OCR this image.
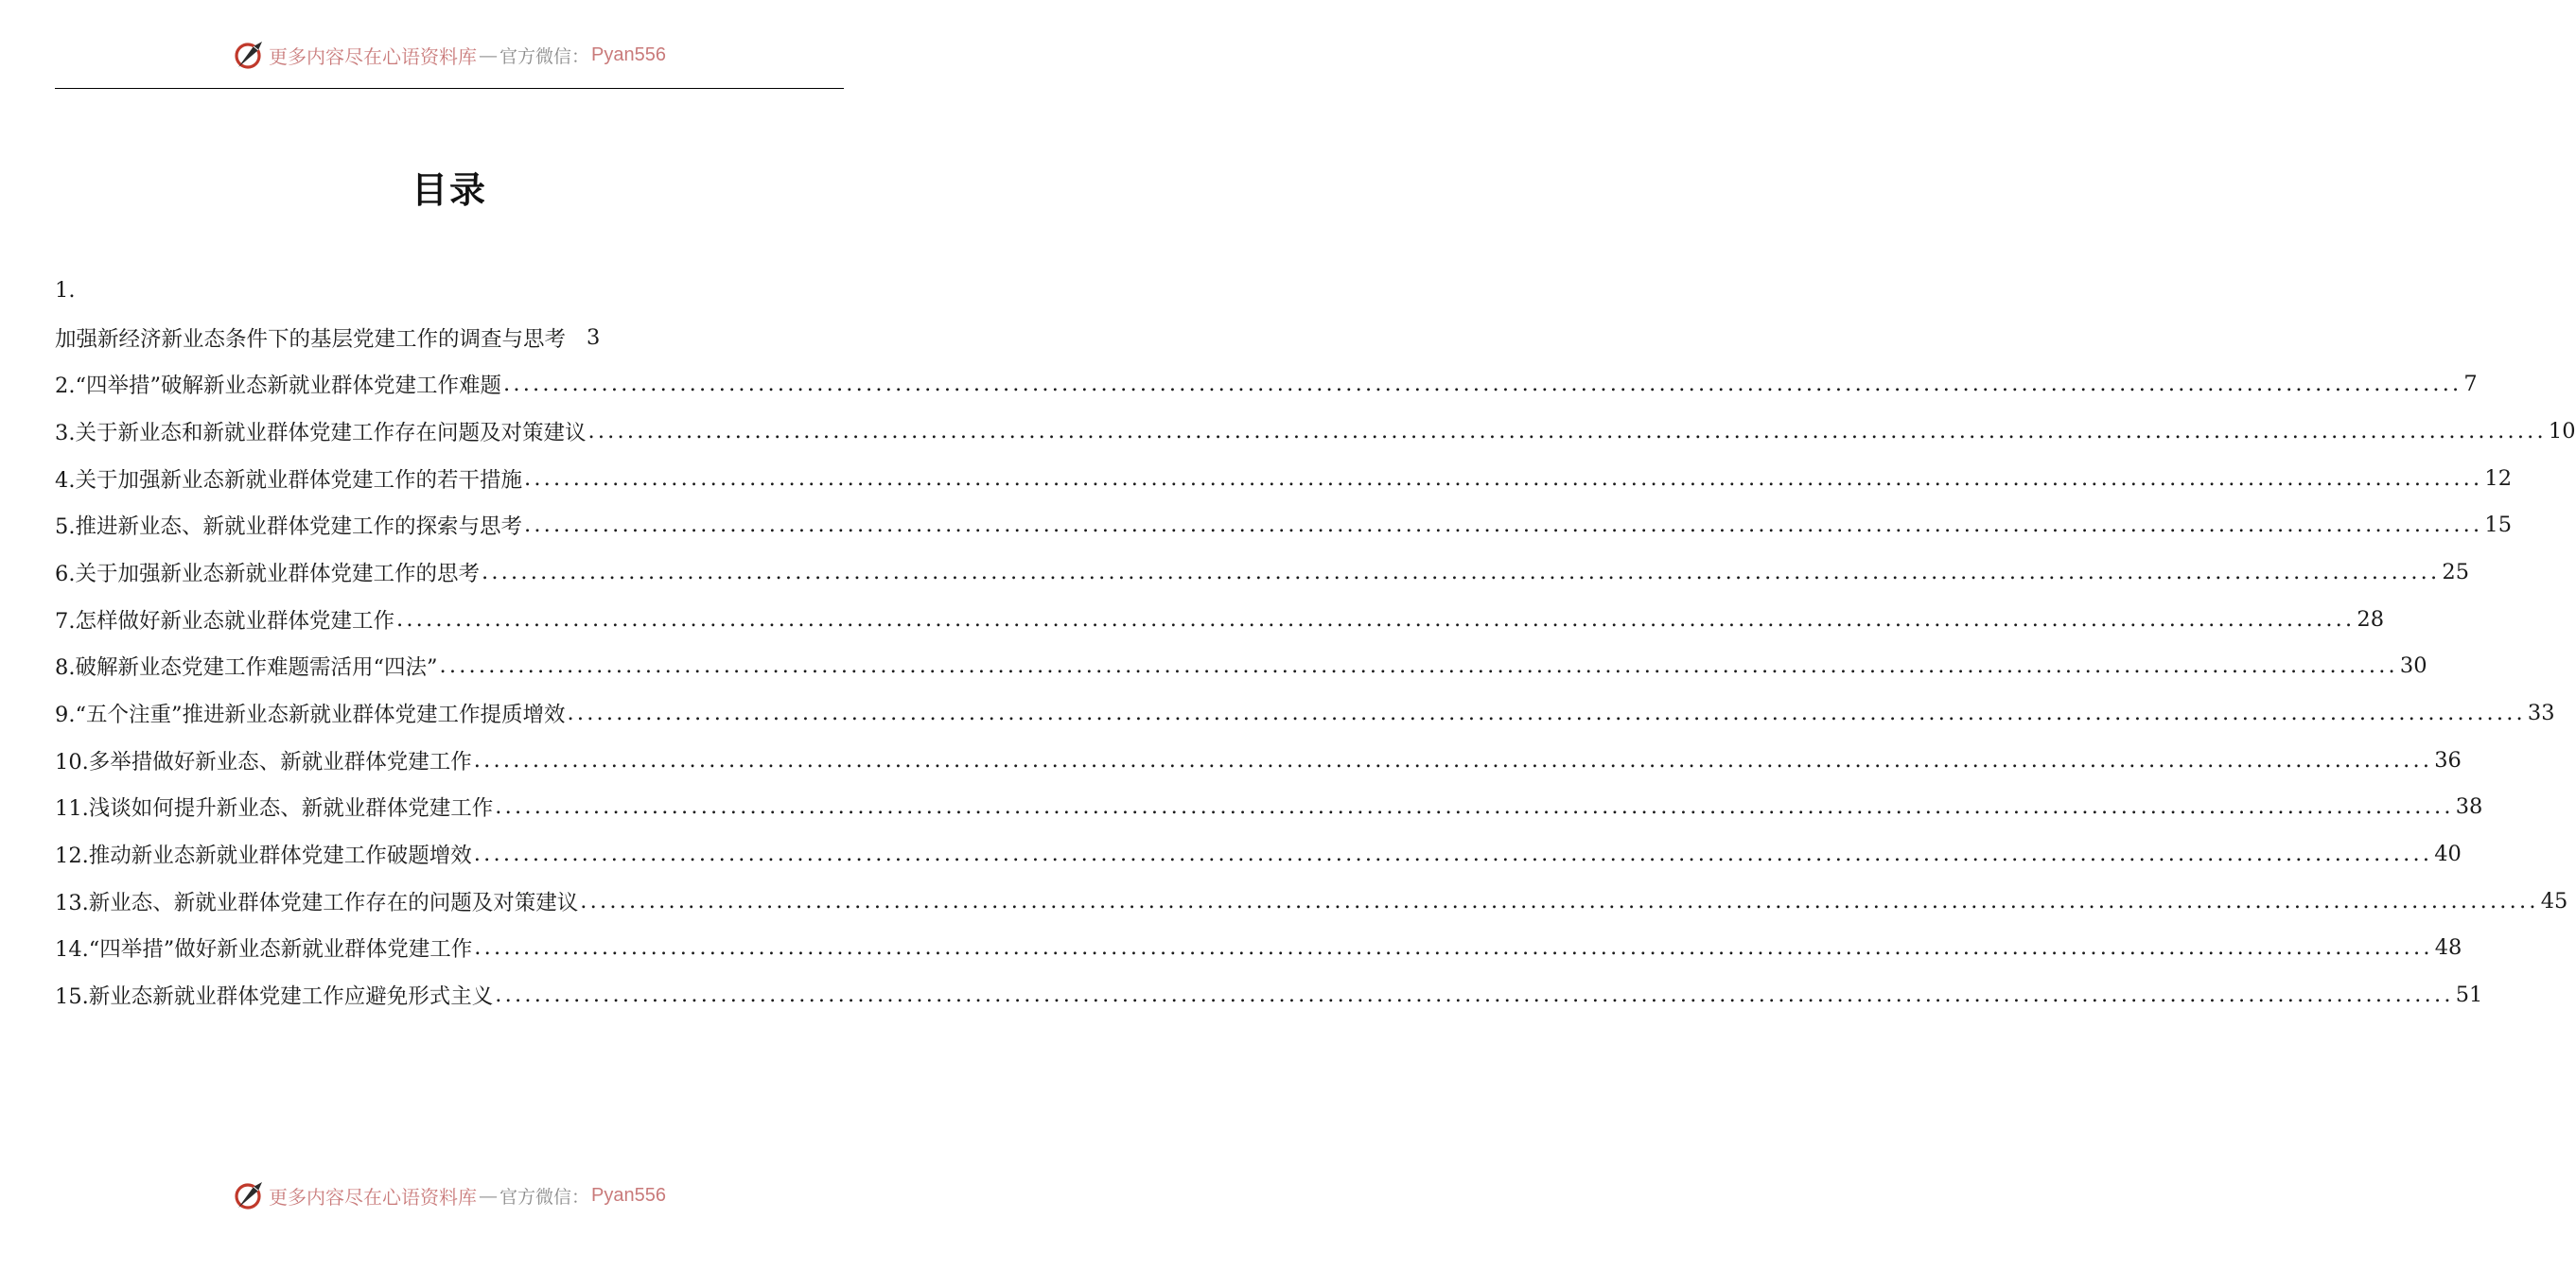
更多内容尽在心语资料库 — 官方微信： Pyan556
目录
1.
加强新经济新业态条件下的基层党建工作的调查与思考 3
2.“四举措”破解新业态新就业群体党建工作难题 ........................................................................................................................................................................................................ 7
3.关于新业态和新就业群体党建工作存在问题及对策建议 ........................................................................................................................................................................................................ 10
4.关于加强新业态新就业群体党建工作的若干措施 ........................................................................................................................................................................................................ 12
5.推进新业态、新就业群体党建工作的探索与思考 ........................................................................................................................................................................................................ 15
6.关于加强新业态新就业群体党建工作的思考 ........................................................................................................................................................................................................ 25
7.怎样做好新业态就业群体党建工作 ........................................................................................................................................................................................................ 28
8.破解新业态党建工作难题需活用“四法” ........................................................................................................................................................................................................ 30
9.“五个注重”推进新业态新就业群体党建工作提质增效 ........................................................................................................................................................................................................ 33
10.多举措做好新业态、新就业群体党建工作 ........................................................................................................................................................................................................ 36
11.浅谈如何提升新业态、新就业群体党建工作 ........................................................................................................................................................................................................ 38
12.推动新业态新就业群体党建工作破题增效 ........................................................................................................................................................................................................ 40
13.新业态、新就业群体党建工作存在的问题及对策建议 ........................................................................................................................................................................................................ 45
14.“四举措”做好新业态新就业群体党建工作 ........................................................................................................................................................................................................ 48
15.新业态新就业群体党建工作应避免形式主义 ........................................................................................................................................................................................................ 51
更多内容尽在心语资料库 — 官方微信： Pyan556
